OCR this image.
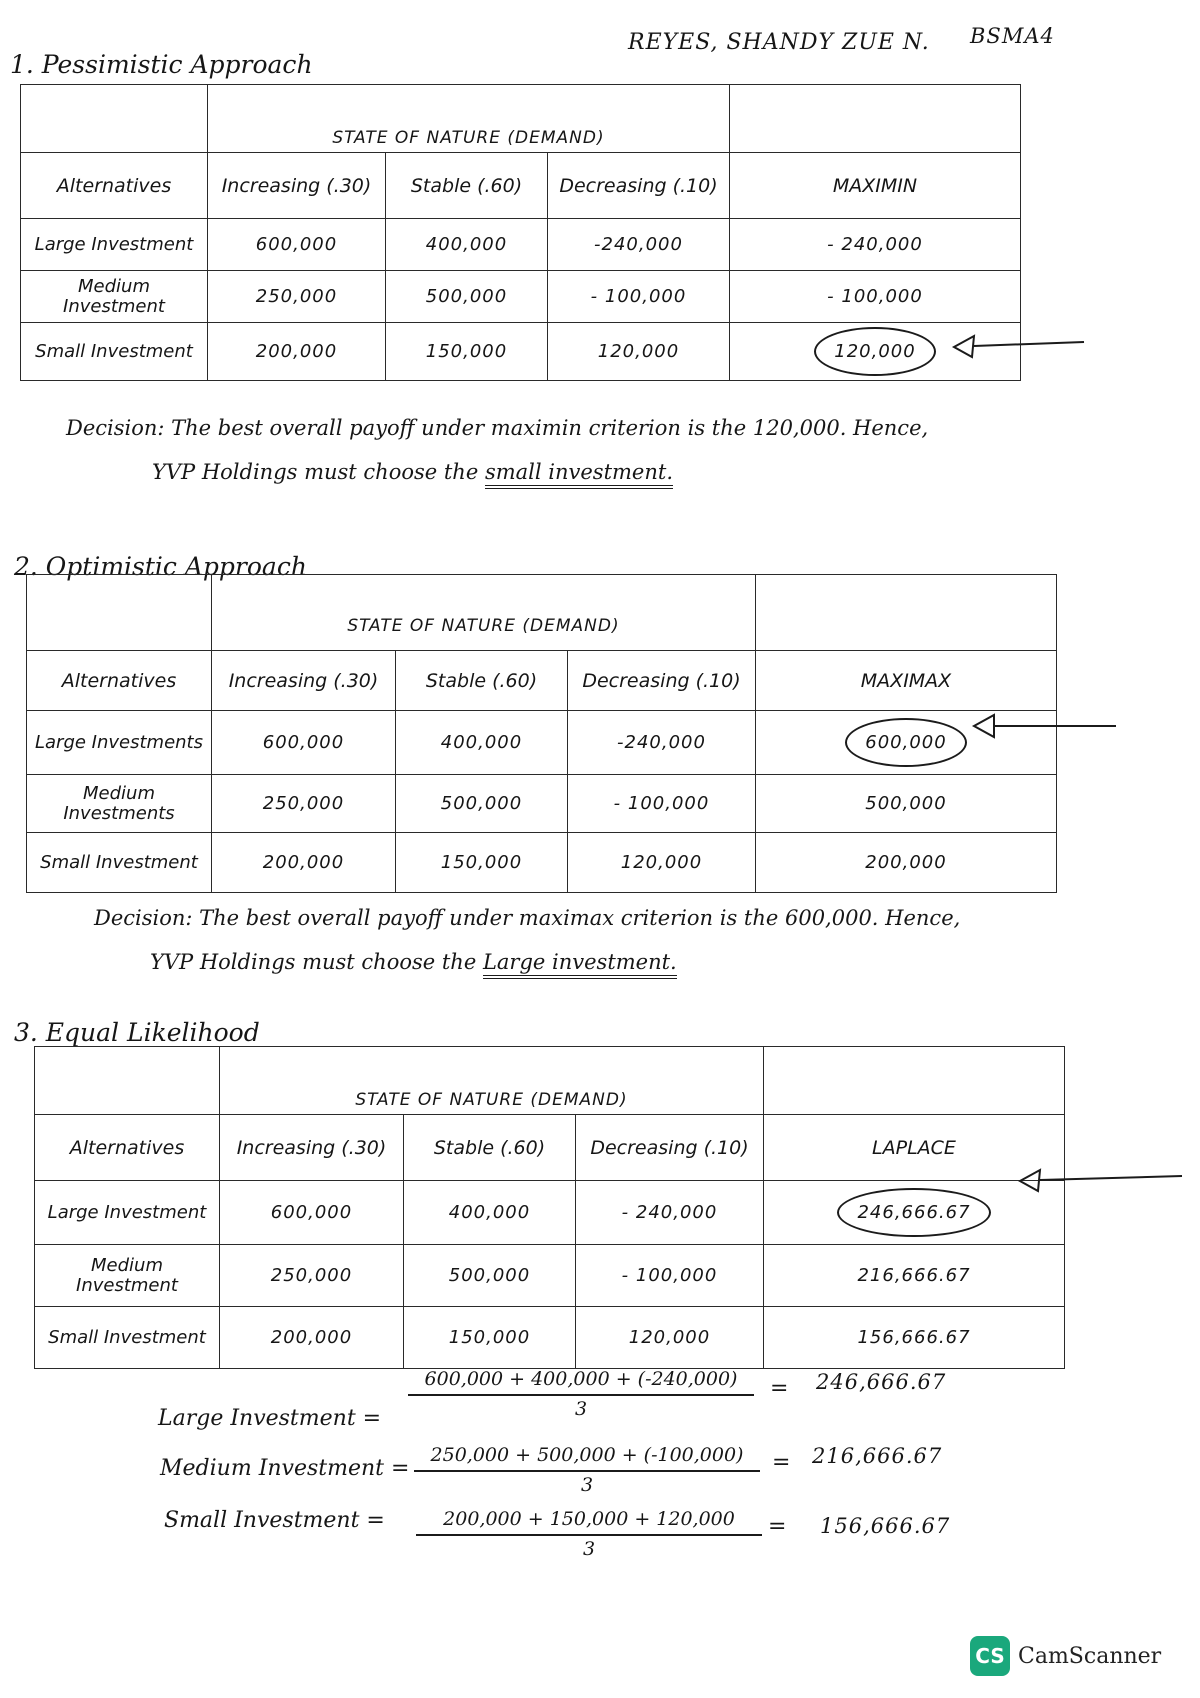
REYES, SHANDY ZUE N. BSMA4
1. Pessimistic Approach
	STATE OF NATURE (DEMAND)			
Alternatives	Increasing (.30)	Stable (.60)	Decreasing (.10)	MAXIMIN
Large Investment	600,000	400,000	-240,000	- 240,000
Medium Investment	250,000	500,000	- 100,000	- 100,000
Small Investment	200,000	150,000	120,000	120,000
Decision: The best overall payoff under maximin criterion is the 120,000. Hence,
YVP Holdings must choose the small investment.
2. Optimistic Approach
	STATE OF NATURE (DEMAND)			
Alternatives	Increasing (.30)	Stable (.60)	Decreasing (.10)	MAXIMAX
Large Investments	600,000	400,000	-240,000	600,000
Medium Investments	250,000	500,000	- 100,000	500,000
Small Investment	200,000	150,000	120,000	200,000
Decision: The best overall payoff under maximax criterion is the 600,000. Hence,
YVP Holdings must choose the Large investment.
3. Equal Likelihood
	STATE OF NATURE (DEMAND)			
Alternatives	Increasing (.30)	Stable (.60)	Decreasing (.10)	LAPLACE
Large Investment	600,000	400,000	- 240,000	246,666.67
Medium Investment	250,000	500,000	- 100,000	216,666.67
Small Investment	200,000	150,000	120,000	156,666.67
Large Investment = $\frac{600,000 + 400,000 + (-240,000)}{3} = 246,666.67$
Medium Investment = $\frac{250,000 + 500,000 + (-100,000)}{3} = 216,666.67$
Small Investment = $\frac{200,000 + 150,000 + 120,000}{3} = 156,666.67$
CS CamScanner
